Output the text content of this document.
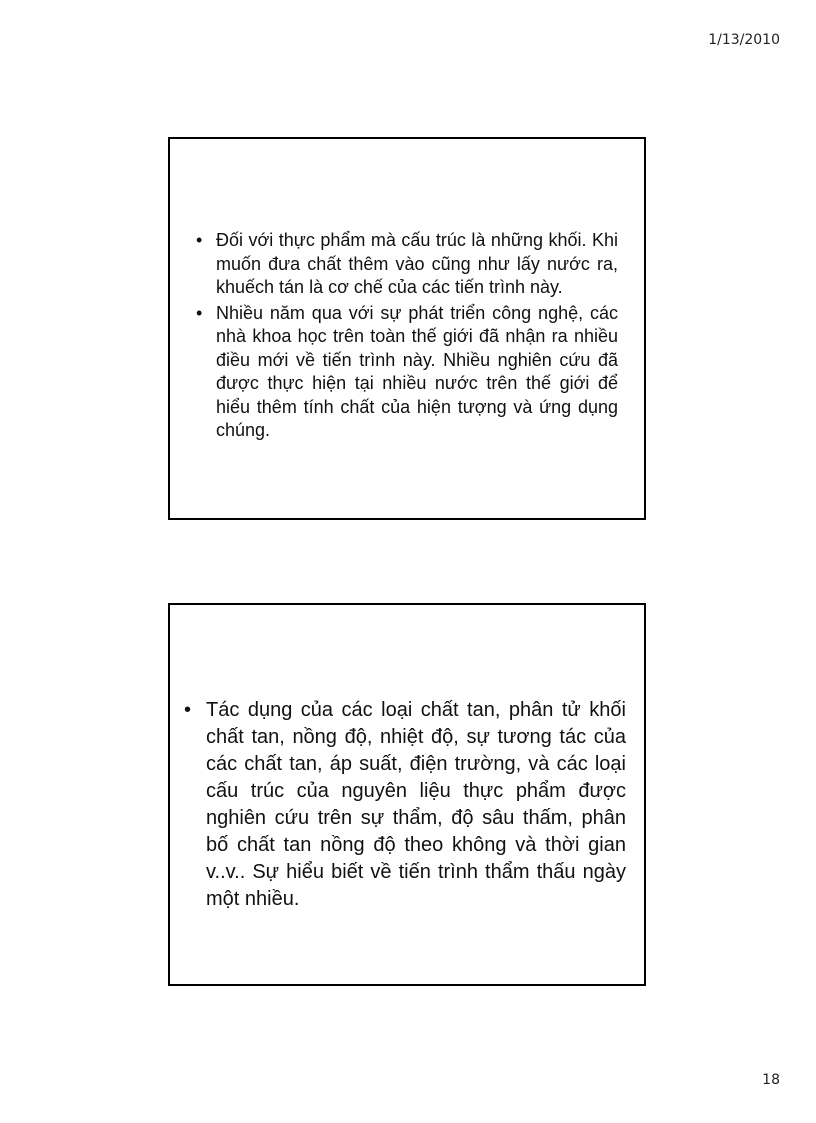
1/13/2010
• Đối với thực phẩm mà cấu trúc là những khối. Khi muốn đưa chất thêm vào cũng như lấy nước ra, khuếch tán là cơ chế của các tiến trình này.
• Nhiều năm qua với sự phát triển công nghệ, các nhà khoa học trên toàn thế giới đã nhận ra nhiều điều mới về tiến trình này. Nhiều nghiên cứu đã được thực hiện tại nhiều nước trên thế giới để hiểu thêm tính chất của hiện tượng và ứng dụng chúng.
• Tác dụng của các loại chất tan, phân tử khối chất tan, nồng độ, nhiệt độ, sự tương tác của các chất tan, áp suất, điện trường, và các loại cấu trúc của nguyên liệu thực phẩm được nghiên cứu trên sự thẩm, độ sâu thấm, phân bố chất tan nồng độ theo không và thời gian v..v.. Sự hiểu biết về tiến trình thẩm thấu ngày một nhiều.
18
